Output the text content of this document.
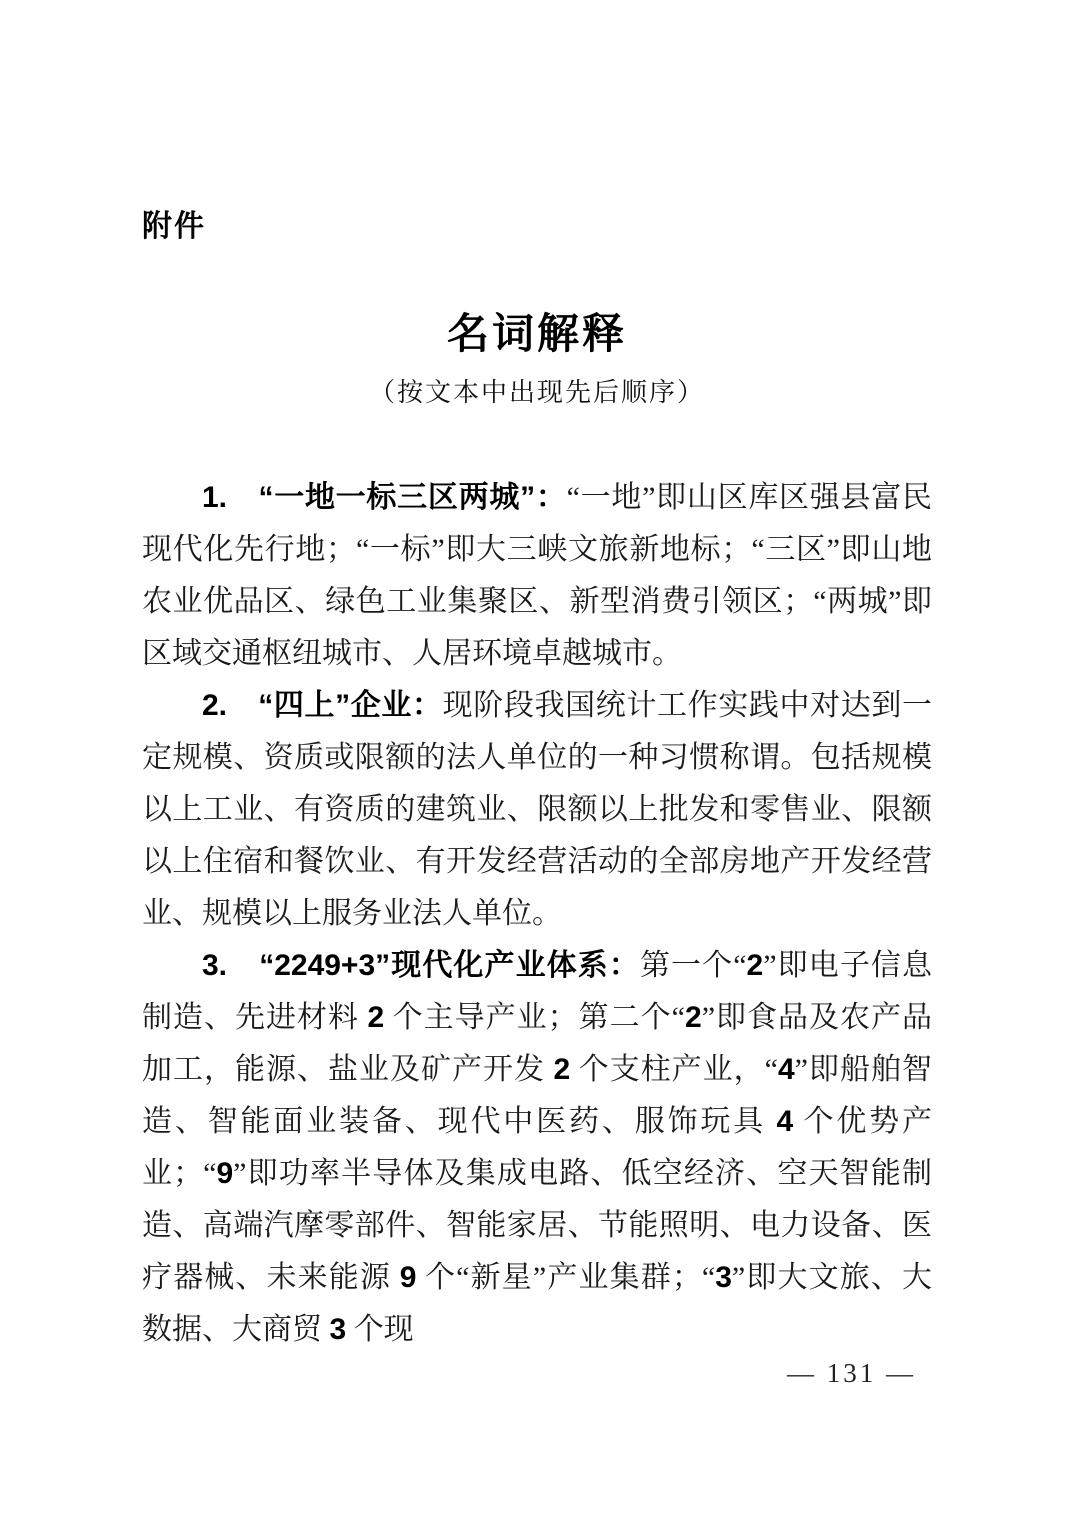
附件
名词解释
（按文本中出现先后顺序）

1.　“一地一标三区两城”：“一地”即山区库区强县富民现代化先行地；“一标”即大三峡文旅新地标；“三区”即山地农业优品区、绿色工业集聚区、新型消费引领区；“两城”即区域交通枢纽城市、人居环境卓越城市。

2.　“四上”企业：现阶段我国统计工作实践中对达到一定规模、资质或限额的法人单位的一种习惯称谓。包括规模以上工业、有资质的建筑业、限额以上批发和零售业、限额以上住宿和餐饮业、有开发经营活动的全部房地产开发经营业、规模以上服务业法人单位。

3.　“2249+3”现代化产业体系：第一个“2”即电子信息制造、先进材料 2 个主导产业；第二个“2”即食品及农产品加工，能源、盐业及矿产开发 2 个支柱产业，“4”即船舶智造、智能面业装备、现代中医药、服饰玩具 4 个优势产业；“9”即功率半导体及集成电路、低空经济、空天智能制造、高端汽摩零部件、智能家居、节能照明、电力设备、医疗器械、未来能源 9 个“新星”产业集群；“3”即大文旅、大数据、大商贸 3 个现

— 131 —
